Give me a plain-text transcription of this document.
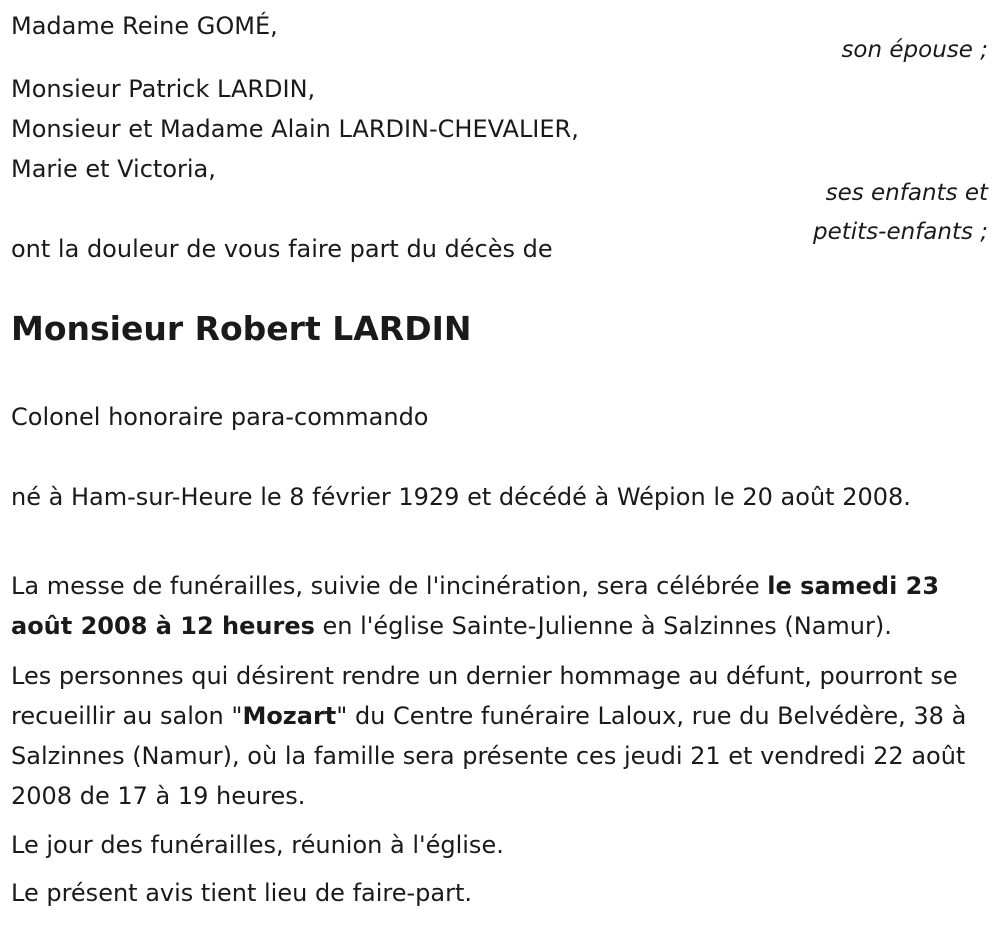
Madame Reine GOMÉ,
son épouse ;
Monsieur Patrick LARDIN,
Monsieur et Madame Alain LARDIN-CHEVALIER,
Marie et Victoria,
ses enfants et
petits-enfants ;
ont la douleur de vous faire part du décès de
Monsieur Robert LARDIN
Colonel honoraire para-commando
né à Ham-sur-Heure le 8 février 1929 et décédé à Wépion le 20 août 2008.
La messe de funérailles, suivie de l'incinération, sera célébrée le samedi 23 août 2008 à 12 heures en l'église Sainte-Julienne à Salzinnes (Namur).
Les personnes qui désirent rendre un dernier hommage au défunt, pourront se recueillir au salon "Mozart" du Centre funéraire Laloux, rue du Belvédère, 38 à Salzinnes (Namur), où la famille sera présente ces jeudi 21 et vendredi 22 août 2008 de 17 à 19 heures.
Le jour des funérailles, réunion à l'église.
Le présent avis tient lieu de faire-part.
